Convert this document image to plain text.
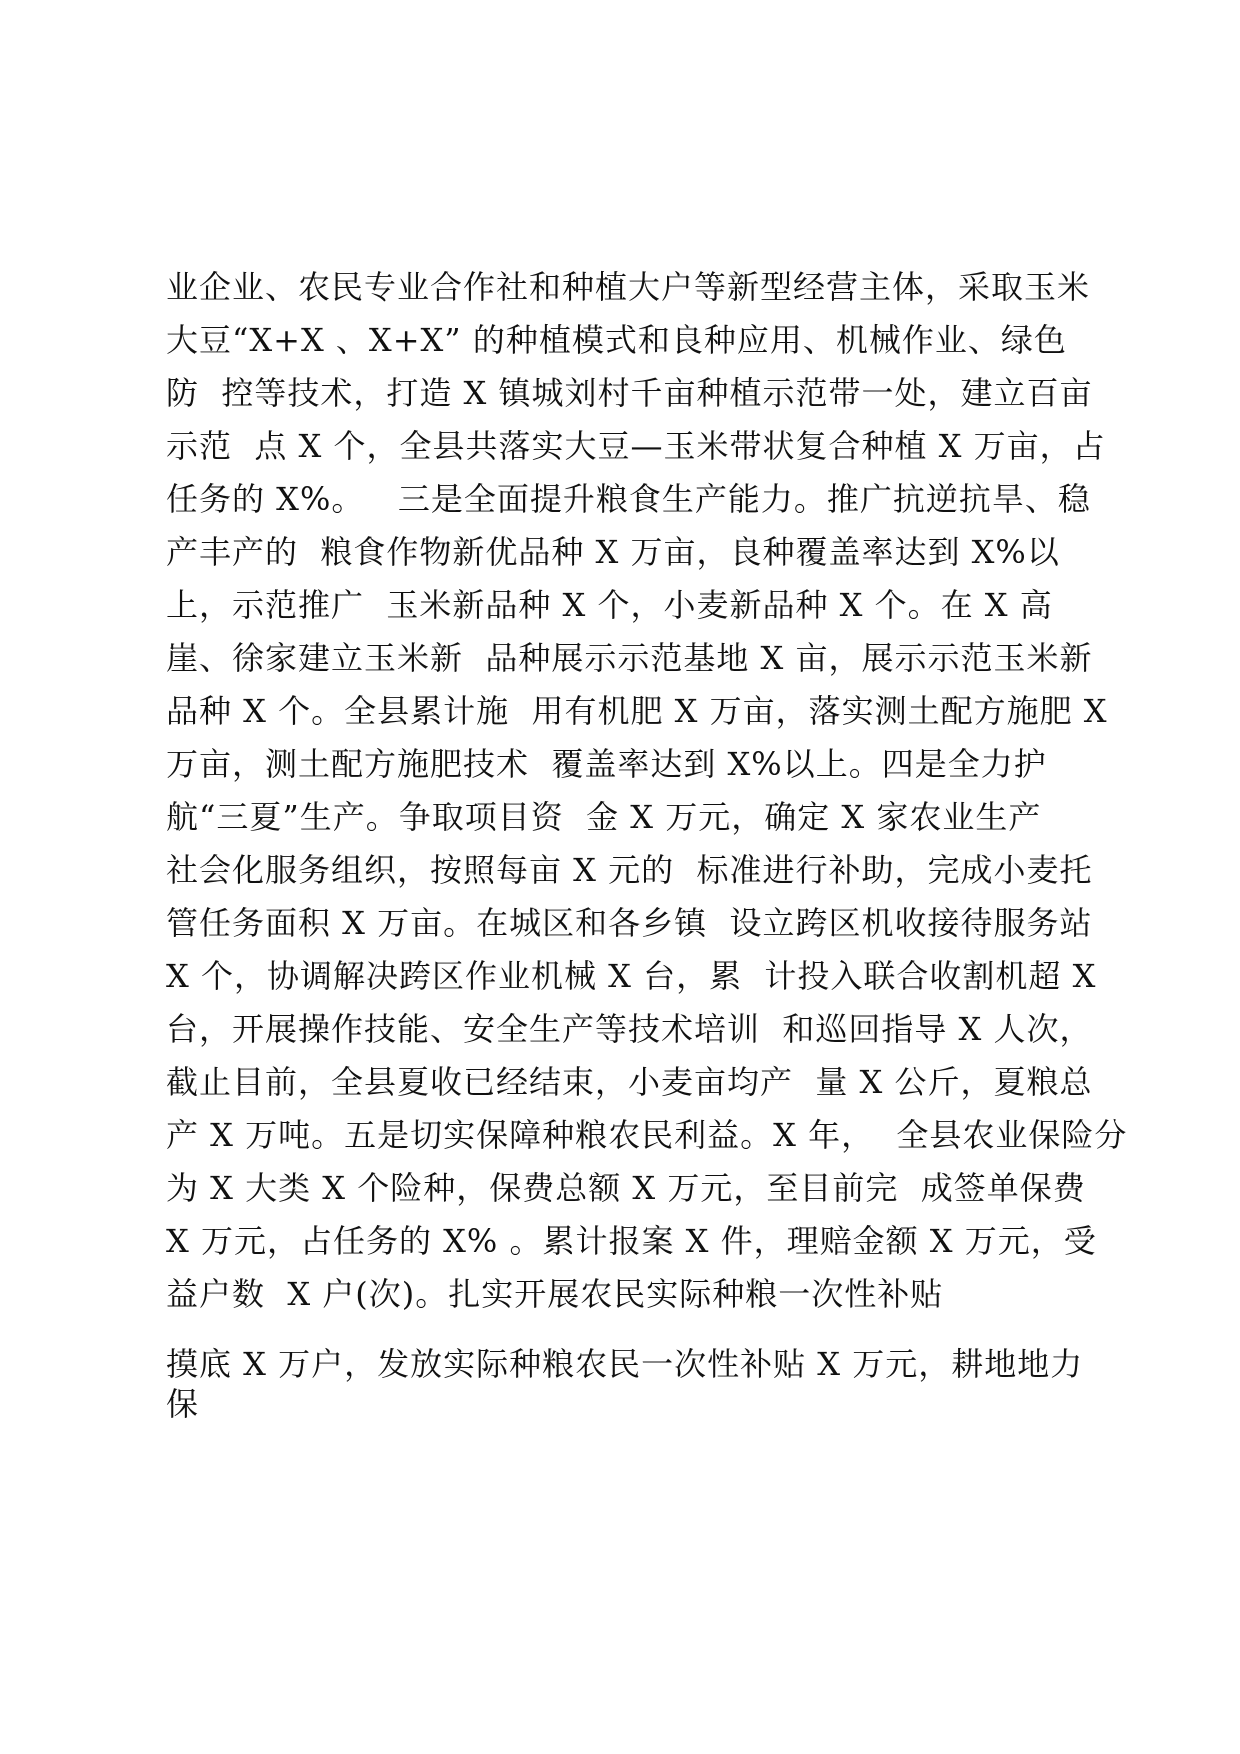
业企业、农民专业合作社和种植大户等新型经营主体，采取玉米
大豆“X+X 、X+X” 的种植模式和良种应用、机械作业、绿色
防  控等技术，打造 X 镇城刘村千亩种植示范带一处，建立百亩
示范  点 X 个，全县共落实大豆—玉米带状复合种植 X 万亩，占
任务的 X%。   三是全面提升粮食生产能力。推广抗逆抗旱、稳
产丰产的  粮食作物新优品种 X 万亩，良种覆盖率达到 X%以
上，示范推广  玉米新品种 X 个，小麦新品种 X 个。在 X 高
崖、徐家建立玉米新  品种展示示范基地 X 亩，展示示范玉米新
品种 X 个。全县累计施  用有机肥 X 万亩，落实测土配方施肥 X
万亩，测土配方施肥技术  覆盖率达到 X%以上。四是全力护
航“三夏”生产。争取项目资  金 X 万元，确定 X 家农业生产
社会化服务组织，按照每亩 X 元的  标准进行补助，完成小麦托
管任务面积 X 万亩。在城区和各乡镇  设立跨区机收接待服务站
X 个，协调解决跨区作业机械 X 台，累  计投入联合收割机超 X
台，开展操作技能、安全生产等技术培训  和巡回指导 X 人次，
截止目前，全县夏收已经结束，小麦亩均产  量 X 公斤，夏粮总
产 X 万吨。五是切实保障种粮农民利益。X 年，  全县农业保险分
为 X 大类 X 个险种，保费总额 X 万元，至目前完  成签单保费
X 万元，占任务的 X% 。累计报案 X 件，理赔金额 X 万元，受
益户数  X 户(次)。扎实开展农民实际种粮一次性补贴
摸底 X 万户，发放实际种粮农民一次性补贴 X 万元，耕地地力
保
